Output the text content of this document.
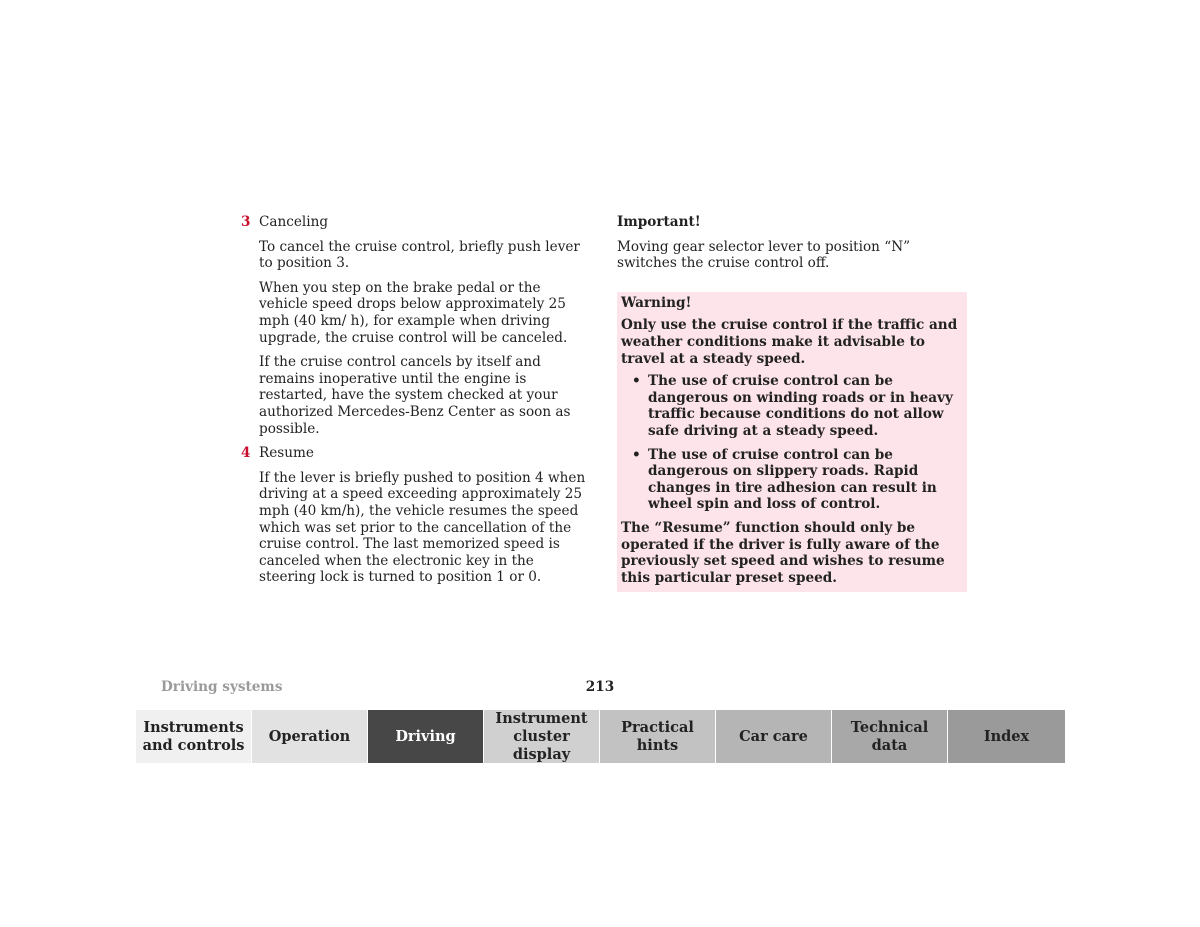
3 Canceling

To cancel the cruise control, briefly push lever to position 3.

When you step on the brake pedal or the vehicle speed drops below approximately 25 mph (40 km/ h), for example when driving upgrade, the cruise control will be canceled.

If the cruise control cancels by itself and remains inoperative until the engine is restarted, have the system checked at your authorized Mercedes-Benz Center as soon as possible.

4 Resume

If the lever is briefly pushed to position 4 when driving at a speed exceeding approximately 25 mph (40 km/h), the vehicle resumes the speed which was set prior to the cancellation of the cruise control. The last memorized speed is canceled when the electronic key in the steering lock is turned to position 1 or 0.

Important!

Moving gear selector lever to position “N” switches the cruise control off.

Warning!

Only use the cruise control if the traffic and weather conditions make it advisable to travel at a steady speed.

• The use of cruise control can be dangerous on winding roads or in heavy traffic because conditions do not allow safe driving at a steady speed.
• The use of cruise control can be dangerous on slippery roads. Rapid changes in tire adhesion can result in wheel spin and loss of control.

The “Resume” function should only be operated if the driver is fully aware of the previously set speed and wishes to resume this particular preset speed.

Driving systems	213
Instruments
and controls
Operation	Driving
Instrument
cluster display
Practical hints
Car care
Technical
data
Index
